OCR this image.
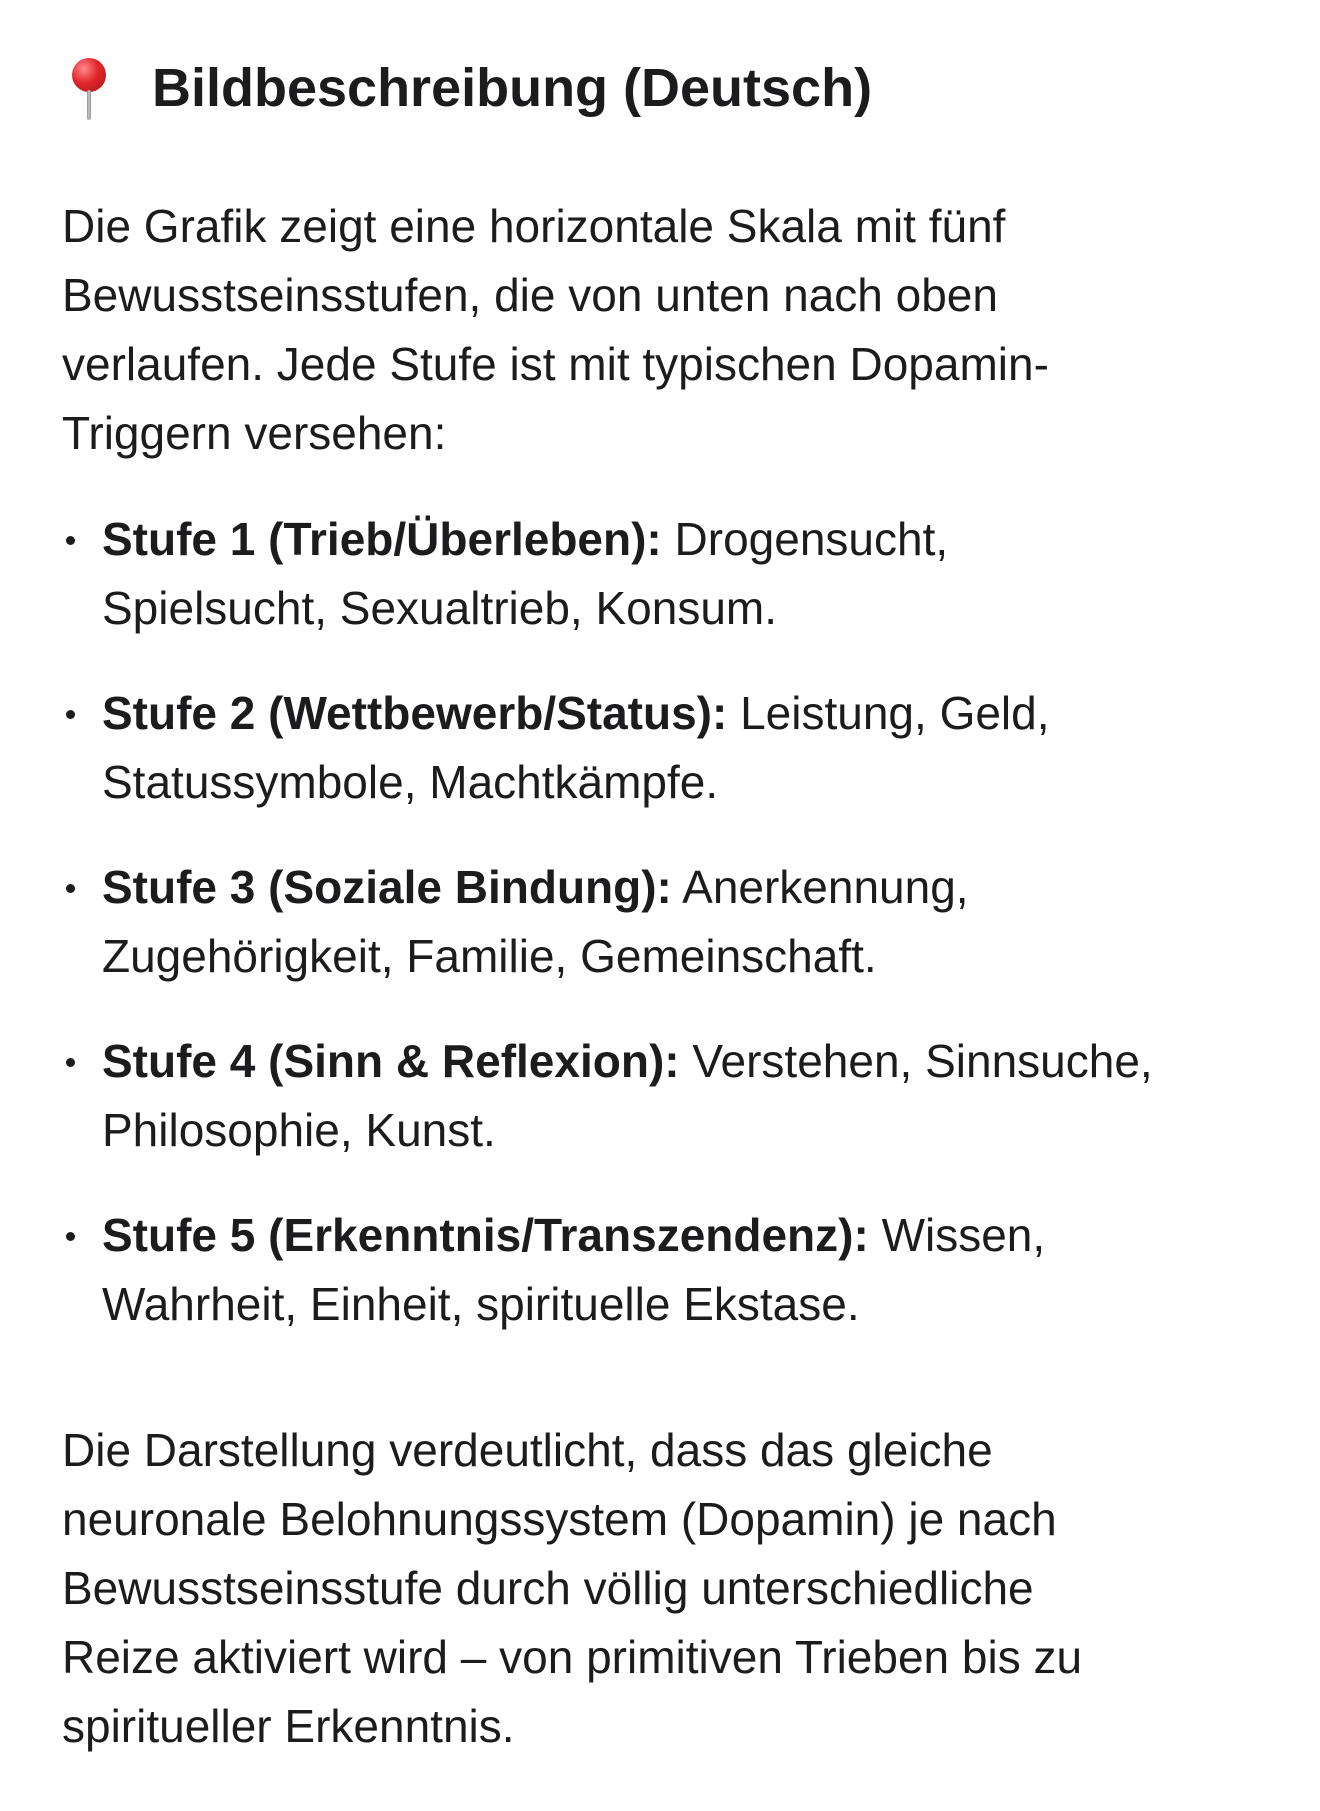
Bildbeschreibung (Deutsch)

Die Grafik zeigt eine horizontale Skala mit fünf
Bewusstseinsstufen, die von unten nach oben
verlaufen. Jede Stufe ist mit typischen Dopamin-
Triggern versehen:

Stufe 1 (Trieb/Überleben): Drogensucht,
Spielsucht, Sexualtrieb, Konsum.
Stufe 2 (Wettbewerb/Status): Leistung, Geld,
Statussymbole, Machtkämpfe.
Stufe 3 (Soziale Bindung): Anerkennung,
Zugehörigkeit, Familie, Gemeinschaft.
Stufe 4 (Sinn & Reflexion): Verstehen, Sinnsuche,
Philosophie, Kunst.
Stufe 5 (Erkenntnis/Transzendenz): Wissen,
Wahrheit, Einheit, spirituelle Ekstase.

Die Darstellung verdeutlicht, dass das gleiche
neuronale Belohnungssystem (Dopamin) je nach
Bewusstseinsstufe durch völlig unterschiedliche
Reize aktiviert wird – von primitiven Trieben bis zu
spiritueller Erkenntnis.
